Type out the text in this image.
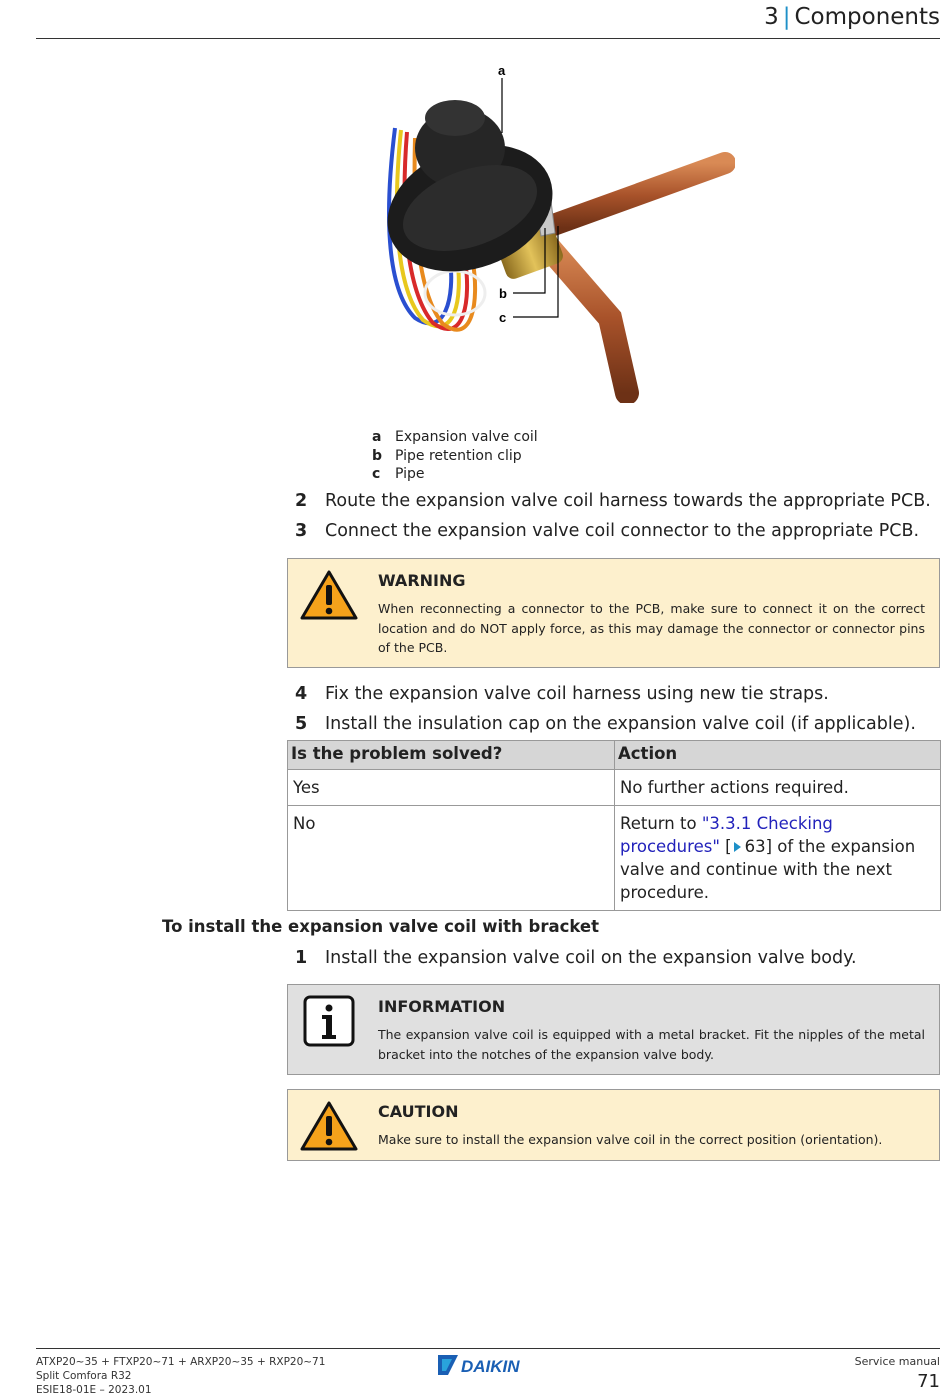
3 | Components
a
b
c
a Expansion valve coil
b Pipe retention clip
c	Pipe
2	Route the expansion valve coil harness towards the appropriate PCB.
3	Connect the expansion valve coil connector to the appropriate PCB.
WARNING
When reconnecting a connector to the PCB, make sure to connect it on the correct location and do NOT apply force, as this may damage the connector or connector pins of the PCB.
4	Fix the expansion valve coil harness using new tie straps.
5	Install the insulation cap on the expansion valve coil (if applicable).
Is the problem solved?	Action
Yes	No further actions required.
No	Return to "3.3.1 Checking procedures" [ 63] of the expansion valve and continue with the next procedure.
To install the expansion valve coil with bracket
1	Install the expansion valve coil on the expansion valve body.
INFORMATION
The expansion valve coil is equipped with a metal bracket. Fit the nipples of the metal bracket into the notches of the expansion valve body.
CAUTION
Make sure to install the expansion valve coil in the correct position (orientation).
ATXP20~35 + FTXP20~71 + ARXP20~35 + RXP20~71
Split Comfora R32
ESIE18-01E – 2023.01
DAIKIN	Service manual
71
